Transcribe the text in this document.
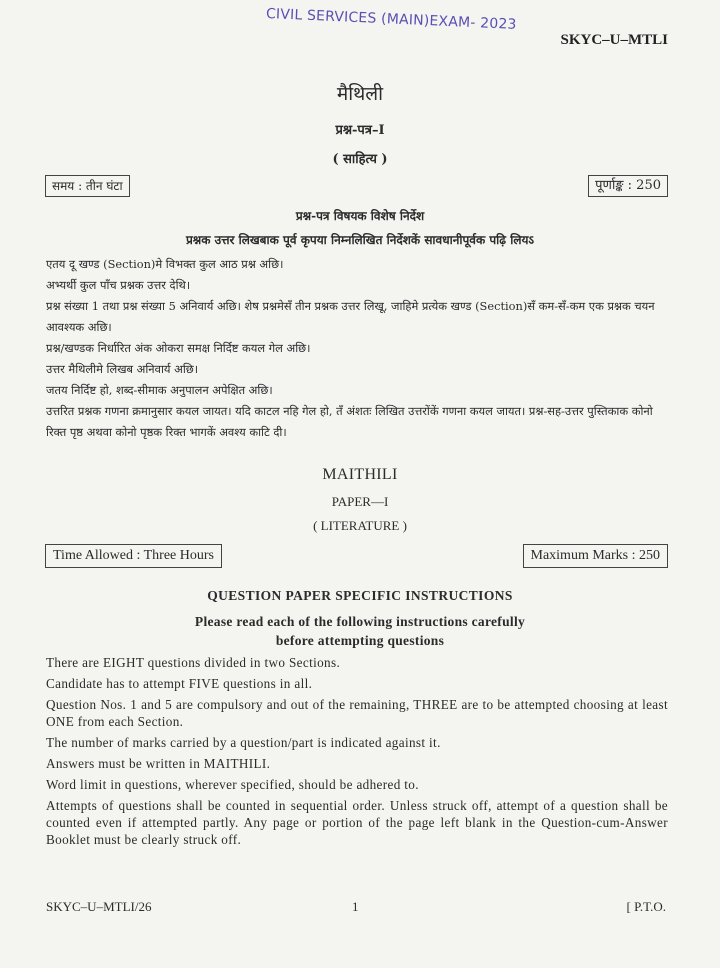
CIVIL SERVICES (MAIN)EXAM- 2023
SKYC–U–MTLI
मैथिली
प्रश्न-पत्र–I
( साहित्य )
समय : तीन घंटा	पूर्णाङ्क : 250
प्रश्न-पत्र विषयक विशेष निर्देश
प्रश्नक उत्तर लिखबाक पूर्व कृपया निम्नलिखित निर्देशकें सावधानीपूर्वक पढ़ि लियऽ

एतय दू खण्ड (Section)मे विभक्त कुल आठ प्रश्न अछि।

अभ्यर्थी कुल पाँच प्रश्नक उत्तर देथि।

प्रश्न संख्या 1 तथा प्रश्न संख्या 5 अनिवार्य अछि। शेष प्रश्नमेसँ तीन प्रश्नक उत्तर लिखू, जाहिमे प्रत्येक खण्ड (Section)सँ कम-सँ-कम एक प्रश्नक चयन आवश्यक अछि।

प्रश्न/खण्डक निर्धारित अंक ओकरा समक्ष निर्दिष्ट कयल गेल अछि।

उत्तर मैथिलीमे लिखब अनिवार्य अछि।

जतय निर्दिष्ट हो, शब्द-सीमाक अनुपालन अपेक्षित अछि।

उत्तरित प्रश्नक गणना क्रमानुसार कयल जायत। यदि काटल नहि गेल हो, तँ अंशतः लिखित उत्तरोंकें गणना कयल जायत। प्रश्न-सह-उत्तर पुस्तिकाक कोनो रिक्त पृष्ठ अथवा कोनो पृष्ठक रिक्त भागकें अवश्य काटि दी।

MAITHILI
PAPER—I
( LITERATURE )
Time Allowed : Three Hours	Maximum Marks : 250
QUESTION PAPER SPECIFIC INSTRUCTIONS
Please read each of the following instructions carefully
before attempting questions

There are EIGHT questions divided in two Sections.

Candidate has to attempt FIVE questions in all.

Question Nos. 1 and 5 are compulsory and out of the remaining, THREE are to be attempted choosing at least ONE from each Section.

The number of marks carried by a question/part is indicated against it.

Answers must be written in MAITHILI.

Word limit in questions, wherever specified, should be adhered to.

Attempts of questions shall be counted in sequential order. Unless struck off, attempt of a question shall be counted even if attempted partly. Any page or portion of the page left blank in the Question-cum-Answer Booklet must be clearly struck off.

SKYC–U–MTLI/26	1	[ P.T.O.
